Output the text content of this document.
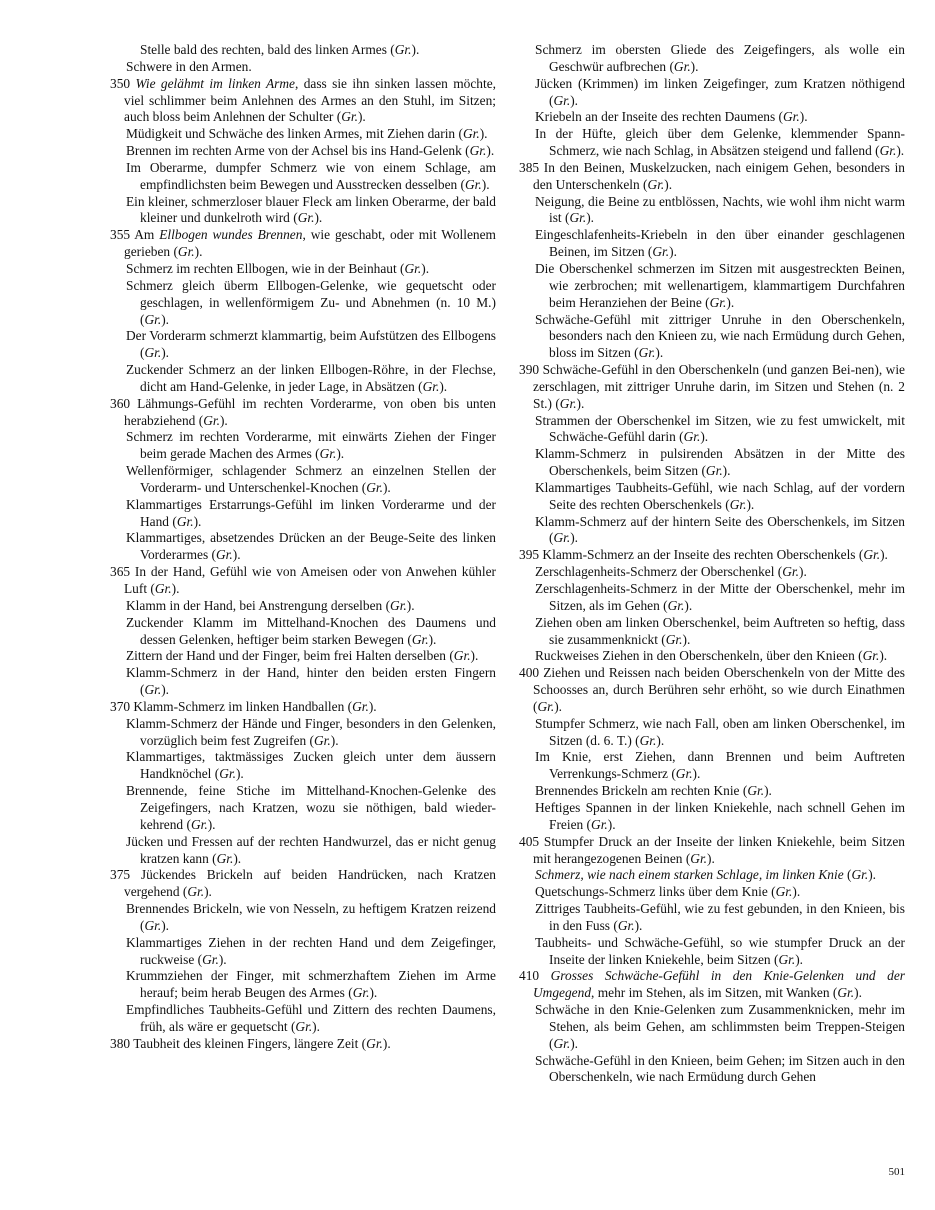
Stelle bald des rechten, bald des linken Armes (Gr.).
Schwere in den Armen.
350 Wie gelähmt im linken Arme, dass sie ihn sinken lassen möchte, viel schlimmer beim Anlehnen des Armes an den Stuhl, im Sitzen; auch bloss beim Anlehnen der Schulter (Gr.).
Müdigkeit und Schwäche des linken Armes, mit Ziehen darin (Gr.).
Brennen im rechten Arme von der Achsel bis ins Hand-Gelenk (Gr.).
Im Oberarme, dumpfer Schmerz wie von einem Schlage, am empfindlichsten beim Bewegen und Ausstrecken desselben (Gr.).
Ein kleiner, schmerzloser blauer Fleck am linken Oberarme, der bald kleiner und dunkelroth wird (Gr.).
355 Am Ellbogen wundes Brennen, wie geschabt, oder mit Wollenem gerieben (Gr.).
Schmerz im rechten Ellbogen, wie in der Beinhaut (Gr.).
Schmerz gleich überm Ellbogen-Gelenke, wie gequetscht oder geschlagen, in wellenförmigem Zu- und Abnehmen (n. 10 M.) (Gr.).
Der Vorderarm schmerzt klammartig, beim Aufstützen des Ellbogens (Gr.).
Zuckender Schmerz an der linken Ellbogen-Röhre, in der Flechse, dicht am Hand-Gelenke, in jeder Lage, in Absätzen (Gr.).
360 Lähmungs-Gefühl im rechten Vorderarme, von oben bis unten herabziehend (Gr.).
Schmerz im rechten Vorderarme, mit einwärts Ziehen der Finger beim gerade Machen des Armes (Gr.).
Wellenförmiger, schlagender Schmerz an einzelnen Stellen der Vorderarm- und Unterschenkel-Knochen (Gr.).
Klammartiges Erstarrungs-Gefühl im linken Vorderarme und der Hand (Gr.).
Klammartiges, absetzendes Drücken an der Beuge-Seite des linken Vorderarmes (Gr.).
365 In der Hand, Gefühl wie von Ameisen oder von Anwehen kühler Luft (Gr.).
Klamm in der Hand, bei Anstrengung derselben (Gr.).
Zuckender Klamm im Mittelhand-Knochen des Daumens und dessen Gelenken, heftiger beim starken Bewegen (Gr.).
Zittern der Hand und der Finger, beim frei Halten derselben (Gr.).
Klamm-Schmerz in der Hand, hinter den beiden ersten Fingern (Gr.).
370 Klamm-Schmerz im linken Handballen (Gr.).
Klamm-Schmerz der Hände und Finger, besonders in den Gelenken, vorzüglich beim fest Zugreifen (Gr.).
Klammartiges, taktmässiges Zucken gleich unter dem äussern Handknöchel (Gr.).
Brennende, feine Stiche im Mittelhand-Knochen-Gelenke des Zeigefingers, nach Kratzen, wozu sie nöthigen, bald wieder-kehrend (Gr.).
Jücken und Fressen auf der rechten Handwurzel, das er nicht genug kratzen kann (Gr.).
375 Jückendes Brickeln auf beiden Handrücken, nach Kratzen vergehend (Gr.).
Brennendes Brickeln, wie von Nesseln, zu heftigem Kratzen reizend (Gr.).
Klammartiges Ziehen in der rechten Hand und dem Zeigefinger, ruckweise (Gr.).
Krummziehen der Finger, mit schmerzhaftem Ziehen im Arme herauf; beim herab Beugen des Armes (Gr.).
Empfindliches Taubheits-Gefühl und Zittern des rechten Daumens, früh, als wäre er gequetscht (Gr.).
380 Taubheit des kleinen Fingers, längere Zeit (Gr.).
Schmerz im obersten Gliede des Zeigefingers, als wolle ein Geschwür aufbrechen (Gr.).
Jücken (Krimmen) im linken Zeigefinger, zum Kratzen nöthigend (Gr.).
Kriebeln an der Inseite des rechten Daumens (Gr.).
In der Hüfte, gleich über dem Gelenke, klemmender Spann-Schmerz, wie nach Schlag, in Absätzen steigend und fallend (Gr.).
385 In den Beinen, Muskelzucken, nach einigem Gehen, besonders in den Unterschenkeln (Gr.).
Neigung, die Beine zu entblössen, Nachts, wie wohl ihm nicht warm ist (Gr.).
Eingeschlafenheits-Kriebeln in den über einander geschlagenen Beinen, im Sitzen (Gr.).
Die Oberschenkel schmerzen im Sitzen mit ausgestreckten Beinen, wie zerbrochen; mit wellenartigem, klammartigem Durchfahren beim Heranziehen der Beine (Gr.).
Schwäche-Gefühl mit zittriger Unruhe in den Oberschenkeln, besonders nach den Knieen zu, wie nach Ermüdung durch Gehen, bloss im Sitzen (Gr.).
390 Schwäche-Gefühl in den Oberschenkeln (und ganzen Bei-nen), wie zerschlagen, mit zittriger Unruhe darin, im Sitzen und Stehen (n. 2 St.) (Gr.).
Strammen der Oberschenkel im Sitzen, wie zu fest umwickelt, mit Schwäche-Gefühl darin (Gr.).
Klamm-Schmerz in pulsirenden Absätzen in der Mitte des Oberschenkels, beim Sitzen (Gr.).
Klammartiges Taubheits-Gefühl, wie nach Schlag, auf der vordern Seite des rechten Oberschenkels (Gr.).
Klamm-Schmerz auf der hintern Seite des Oberschenkels, im Sitzen (Gr.).
395 Klamm-Schmerz an der Inseite des rechten Oberschenkels (Gr.).
Zerschlagenheits-Schmerz der Oberschenkel (Gr.).
Zerschlagenheits-Schmerz in der Mitte der Oberschenkel, mehr im Sitzen, als im Gehen (Gr.).
Ziehen oben am linken Oberschenkel, beim Auftreten so heftig, dass sie zusammenknickt (Gr.).
Ruckweises Ziehen in den Oberschenkeln, über den Knieen (Gr.).
400 Ziehen und Reissen nach beiden Oberschenkeln von der Mitte des Schoosses an, durch Berühren sehr erhöht, so wie durch Einathmen (Gr.).
Stumpfer Schmerz, wie nach Fall, oben am linken Oberschenkel, im Sitzen (d. 6. T.) (Gr.).
Im Knie, erst Ziehen, dann Brennen und beim Auftreten Verrenkungs-Schmerz (Gr.).
Brennendes Brickeln am rechten Knie (Gr.).
Heftiges Spannen in der linken Kniekehle, nach schnell Gehen im Freien (Gr.).
405 Stumpfer Druck an der Inseite der linken Kniekehle, beim Sitzen mit herangezogenen Beinen (Gr.).
Schmerz, wie nach einem starken Schlage, im linken Knie (Gr.).
Quetschungs-Schmerz links über dem Knie (Gr.).
Zittriges Taubheits-Gefühl, wie zu fest gebunden, in den Knieen, bis in den Fuss (Gr.).
Taubheits- und Schwäche-Gefühl, so wie stumpfer Druck an der Inseite der linken Kniekehle, beim Sitzen (Gr.).
410 Grosses Schwäche-Gefühl in den Knie-Gelenken und der Umgegend, mehr im Stehen, als im Sitzen, mit Wanken (Gr.).
Schwäche in den Knie-Gelenken zum Zusammenknicken, mehr im Stehen, als beim Gehen, am schlimmsten beim Treppen-Steigen (Gr.).
Schwäche-Gefühl in den Knieen, beim Gehen; im Sitzen auch in den Oberschenkeln, wie nach Ermüdung durch Gehen
501
